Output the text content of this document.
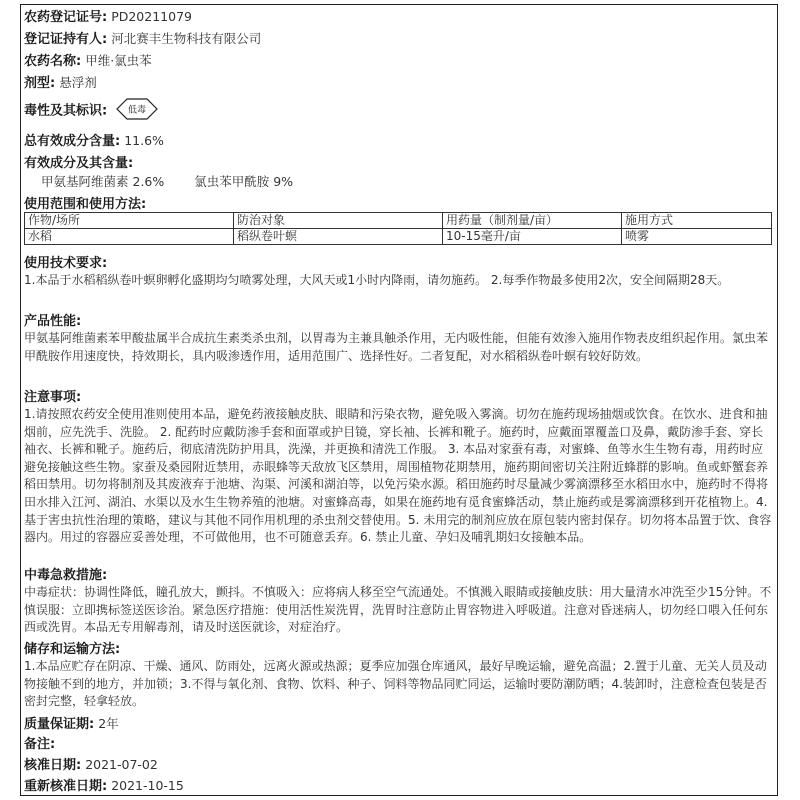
农药登记证号: PD20211079
登记证持有人: 河北赛丰生物科技有限公司
农药名称: 甲维·氯虫苯
剂型: 悬浮剂
毒性及其标识: 低毒
总有效成分含量: 11.6%
有效成分及其含量:
甲氨基阿维菌素 2.6% 氯虫苯甲酰胺 9%
使用范围和使用方法:
作物/场所	防治对象	用药量（制剂量/亩）	施用方式
水稻	稻纵卷叶螟	10-15毫升/亩	喷雾
使用技术要求:
1.本品于水稻稻纵卷叶螟卵孵化盛期均匀喷雾处理，大风天或1小时内降雨，请勿施药。 2.每季作物最多使用2次，安全间隔期28天。
产品性能:
甲氨基阿维菌素苯甲酸盐属半合成抗生素类杀虫剂，以胃毒为主兼具触杀作用，无内吸性能，但能有效渗入施用作物表皮组织起作用。氯虫苯甲酰胺作用速度快，持效期长，具内吸渗透作用，适用范围广、选择性好。二者复配，对水稻稻纵卷叶螟有较好防效。
注意事项:
1.请按照农药安全使用准则使用本品，避免药液接触皮肤、眼睛和污染衣物，避免吸入雾滴。切勿在施药现场抽烟或饮食。在饮水、进食和抽烟前，应先洗手、洗脸。 2. 配药时应戴防渗手套和面罩或护目镜，穿长袖、长裤和靴子。施药时，应戴面罩覆盖口及鼻，戴防渗手套、穿长袖衣、长裤和靴子。施药后，彻底清洗防护用具，洗澡，并更换和清洗工作服。 3. 本品对家蚕有毒，对蜜蜂、鱼等水生生物有毒，用药时应避免接触这些生物。家蚕及桑园附近禁用，赤眼蜂等天敌放飞区禁用，周围植物花期禁用，施药期间密切关注附近蜂群的影响。鱼或虾蟹套养稻田禁用。切勿将制剂及其废液弃于池塘、沟渠、河溪和湖泊等，以免污染水源。稻田施药时尽量减少雾滴漂移至水稻田水中，施药时不得将田水排入江河、湖泊、水渠以及水生生物养殖的池塘。对蜜蜂高毒，如果在施药地有觅食蜜蜂活动，禁止施药或是雾滴漂移到开花植物上。4. 基于害虫抗性治理的策略，建议与其他不同作用机理的杀虫剂交替使用。5. 未用完的制剂应放在原包装内密封保存。切勿将本品置于饮、食容器内。用过的容器应妥善处理，不可做他用，也不可随意丢弃。6. 禁止儿童、孕妇及哺乳期妇女接触本品。
中毒急救措施:
中毒症状：协调性降低，瞳孔放大，颤抖。不慎吸入：应将病人移至空气流通处。不慎溅入眼睛或接触皮肤：用大量清水冲洗至少15分钟。不慎误服：立即携标签送医诊治。紧急医疗措施：使用活性炭洗胃，洗胃时注意防止胃容物进入呼吸道。注意对昏迷病人，切勿经口喂入任何东西或洗胃。本品无专用解毒剂，请及时送医就诊，对症治疗。
储存和运输方法:
1.本品应贮存在阴凉、干燥、通风、防雨处，远离火源或热源；夏季应加强仓库通风，最好早晚运输，避免高温；2.置于儿童、无关人员及动物接触不到的地方，并加锁；3.不得与氧化剂、食物、饮料、种子、饲料等物品同贮同运，运输时要防潮防晒；4.装卸时，注意检查包装是否密封完整，轻拿轻放。
质量保证期: 2年
备注:
核准日期: 2021-07-02
重新核准日期: 2021-10-15
